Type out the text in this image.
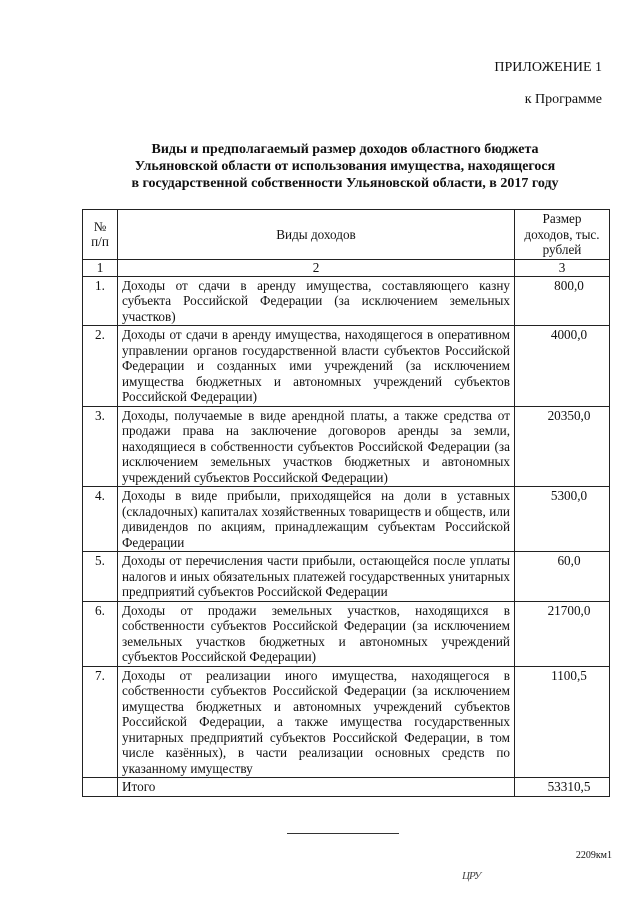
ПРИЛОЖЕНИЕ 1
к Программе
Виды и предполагаемый размер доходов областного бюджета
Ульяновской области от использования имущества, находящегося
в государственной собственности Ульяновской области, в 2017 году
№ п/п	Виды доходов	Размер доходов, тыс. рублей
1	2	3
1.	Доходы от сдачи в аренду имущества, составляющего казну субъекта Российской Федерации (за исключением земельных участков)	800,0
2.	Доходы от сдачи в аренду имущества, находящегося в оперативном управлении органов государственной власти субъектов Российской Федерации и созданных ими учреждений (за исключением имущества бюджетных и автономных учреждений субъектов Российской Федерации)	4000,0
3.	Доходы, получаемые в виде арендной платы, а также средства от продажи права на заключение договоров аренды за земли, находящиеся в собственности субъектов Российской Федерации (за исключением земельных участков бюджетных и автономных учреждений субъектов Российской Федерации)	20350,0
4.	Доходы в виде прибыли, приходящейся на доли в уставных (складочных) капиталах хозяйственных товариществ и обществ, или дивидендов по акциям, принадлежащим субъектам Российской Федерации	5300,0
5.	Доходы от перечисления части прибыли, остающейся после уплаты налогов и иных обязательных платежей государственных унитарных предприятий субъектов Российской Федерации	60,0
6.	Доходы от продажи земельных участков, находящихся в собственности субъектов Российской Федерации (за исключением земельных участков бюджетных и автономных учреждений субъектов Российской Федерации)	21700,0
7.	Доходы от реализации иного имущества, находящегося в собственности субъектов Российской Федерации (за исключением имущества бюджетных и автономных учреждений субъектов Российской Федерации, а также имущества государственных унитарных предприятий субъектов Российской Федерации, в том числе казённых), в части реализации основных средств по указанному имуществу	1100,5
	Итого	53310,5
2209км1
ЦРУ
